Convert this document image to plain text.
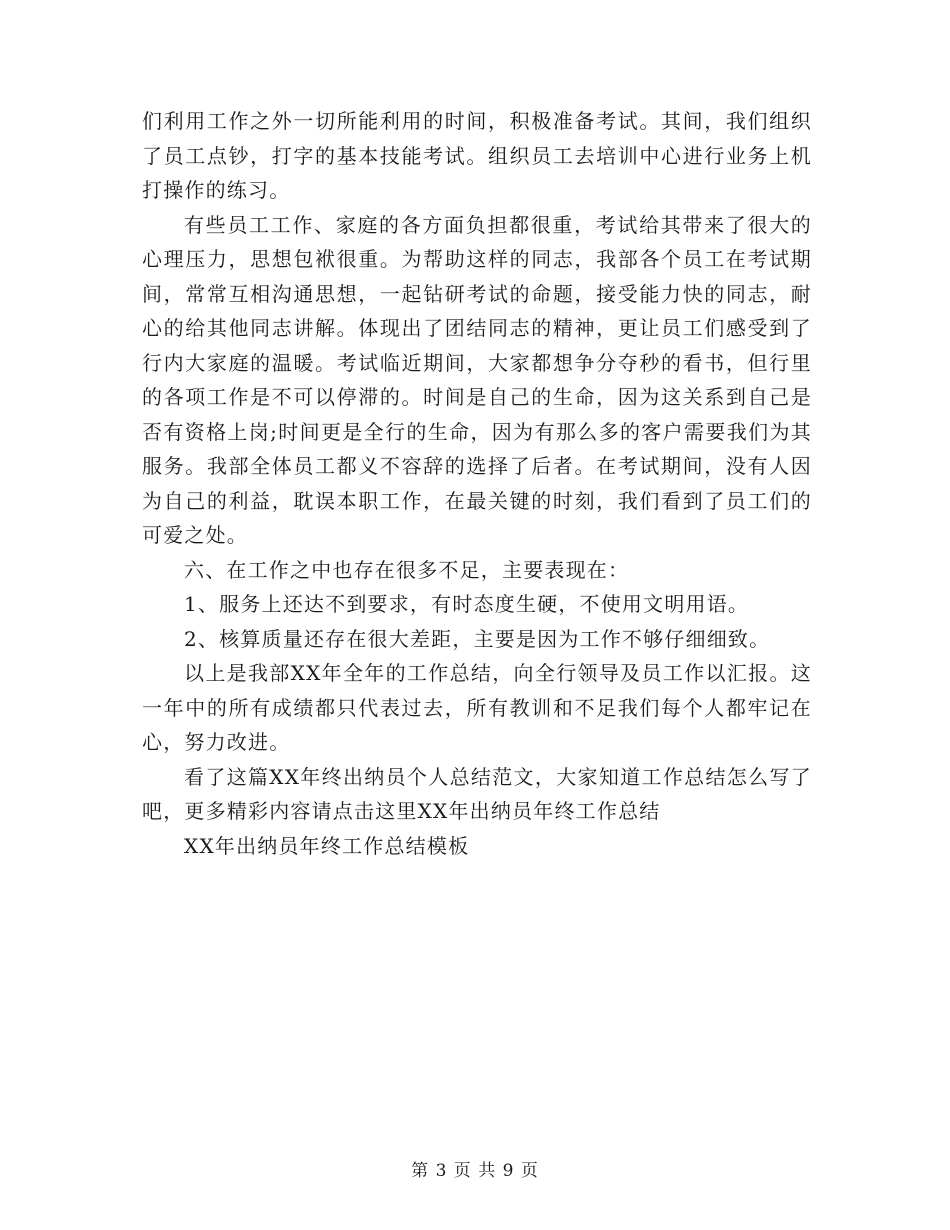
们利用工作之外一切所能利用的时间，积极准备考试。其间，我们组织了员工点钞，打字的基本技能考试。组织员工去培训中心进行业务上机打操作的练习。

有些员工工作、家庭的各方面负担都很重，考试给其带来了很大的心理压力，思想包袱很重。为帮助这样的同志，我部各个员工在考试期间，常常互相沟通思想，一起钻研考试的命题，接受能力快的同志，耐心的给其他同志讲解。体现出了团结同志的精神，更让员工们感受到了行内大家庭的温暖。考试临近期间，大家都想争分夺秒的看书，但行里的各项工作是不可以停滞的。时间是自己的生命，因为这关系到自己是否有资格上岗;时间更是全行的生命，因为有那么多的客户需要我们为其服务。我部全体员工都义不容辞的选择了后者。在考试期间，没有人因为自己的利益，耽误本职工作，在最关键的时刻，我们看到了员工们的可爱之处。

六、在工作之中也存在很多不足，主要表现在：

1、服务上还达不到要求，有时态度生硬，不使用文明用语。

2、核算质量还存在很大差距，主要是因为工作不够仔细细致。

以上是我部XX年全年的工作总结，向全行领导及员工作以汇报。这一年中的所有成绩都只代表过去，所有教训和不足我们每个人都牢记在心，努力改进。

看了这篇XX年终出纳员个人总结范文，大家知道工作总结怎么写了吧，更多精彩内容请点击这里XX年出纳员年终工作总结

XX年出纳员年终工作总结模板

第 3 页 共 9 页
